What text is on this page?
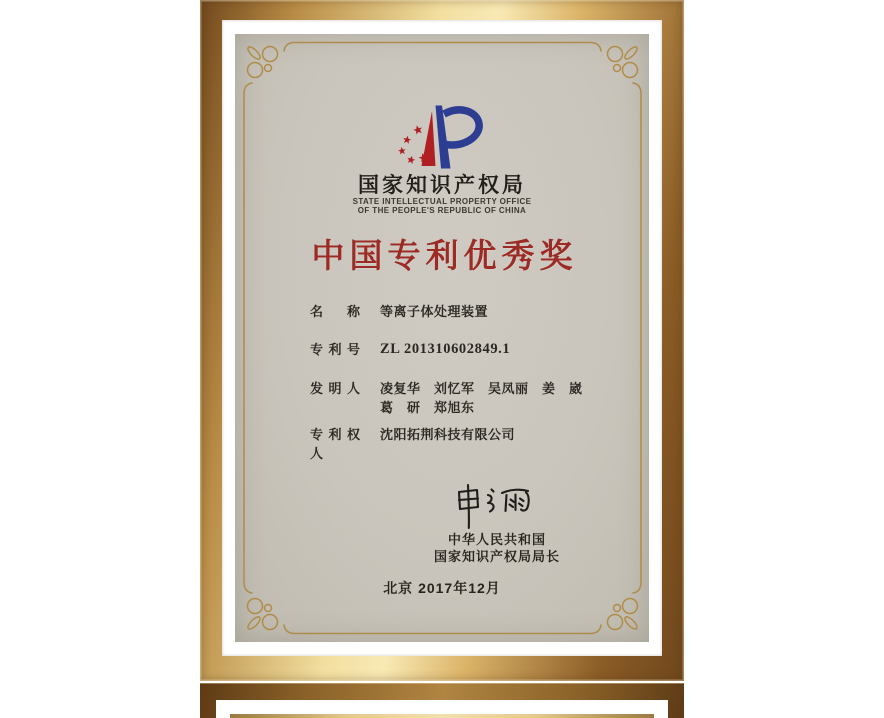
国家知识产权局
STATE INTELLECTUAL PROPERTY OFFICE
OF THE PEOPLE'S REPUBLIC OF CHINA
中国专利优秀奖
名称 等离子体处理装置
专利号 ZL 201310602849.1
发明人 凌复华　刘忆军　吴凤丽　姜　崴
葛　研　郑旭东
专利权人
沈阳拓荆科技有限公司
中华人民共和国
国家知识产权局局长
北京 2017年12月
